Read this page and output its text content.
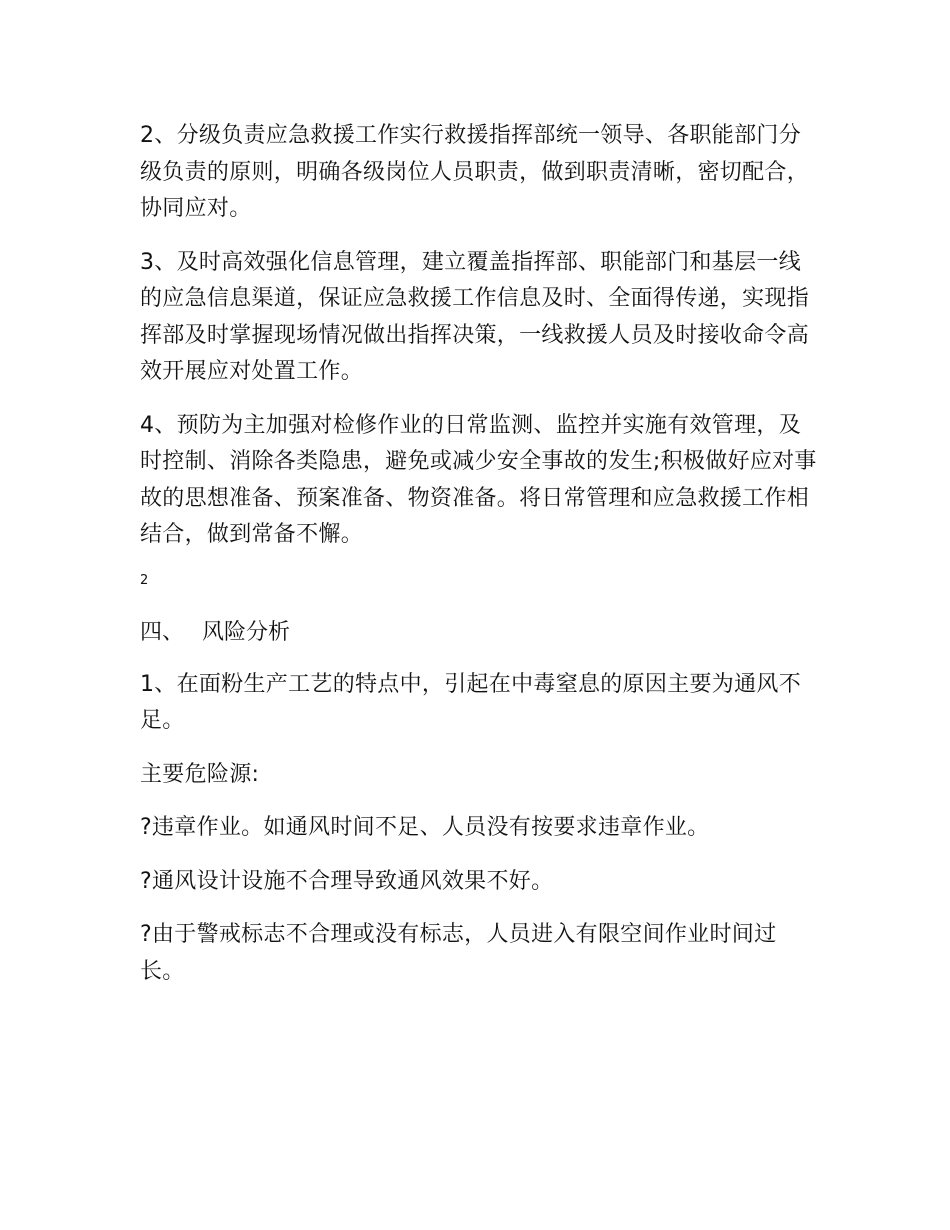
2、分级负责应急救援工作实行救援指挥部统一领导、各职能部门分级负责的原则，明确各级岗位人员职责，做到职责清晰，密切配合，协同应对。

3、及时高效强化信息管理，建立覆盖指挥部、职能部门和基层一线的应急信息渠道，保证应急救援工作信息及时、全面得传递，实现指挥部及时掌握现场情况做出指挥决策，一线救援人员及时接收命令高效开展应对处置工作。

4、预防为主加强对检修作业的日常监测、监控并实施有效管理，及时控制、消除各类隐患，避免或减少安全事故的发生;积极做好应对事故的思想准备、预案准备、物资准备。将日常管理和应急救援工作相结合，做到常备不懈。

2
四、 风险分析

1、在面粉生产工艺的特点中，引起在中毒窒息的原因主要为通风不足。

主要危险源:

?违章作业。如通风时间不足、人员没有按要求违章作业。

?通风设计设施不合理导致通风效果不好。

?由于警戒标志不合理或没有标志，人员进入有限空间作业时间过长。
